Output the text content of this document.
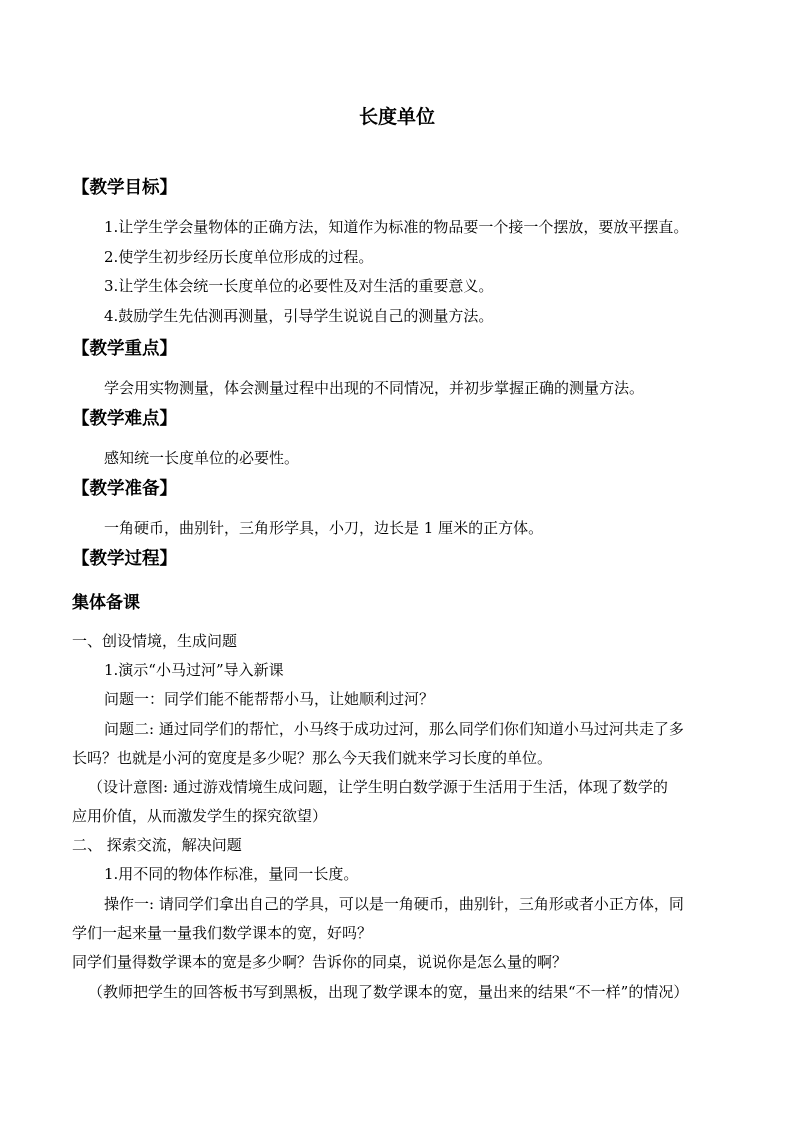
长度单位
【教学目标】
1.让学生学会量物体的正确方法，知道作为标准的物品要一个接一个摆放，要放平摆直。
2.使学生初步经历长度单位形成的过程。
3.让学生体会统一长度单位的必要性及对生活的重要意义。
4.鼓励学生先估测再测量，引导学生说说自己的测量方法。
【教学重点】
学会用实物测量，体会测量过程中出现的不同情况，并初步掌握正确的测量方法。
【教学难点】
感知统一长度单位的必要性。
【教学准备】
一角硬币，曲别针，三角形学具，小刀，边长是 1 厘米的正方体。
【教学过程】
集体备课
一、创设情境，生成问题
1.演示“小马过河”导入新课
问题一：同学们能不能帮帮小马，让她顺利过河？
问题二: 通过同学们的帮忙，小马终于成功过河，那么同学们你们知道小马过河共走了多
长吗？也就是小河的宽度是多少呢？那么今天我们就来学习长度的单位。
（设计意图: 通过游戏情境生成问题，让学生明白数学源于生活用于生活，体现了数学的
应用价值，从而激发学生的探究欲望）
二、 探索交流，解决问题
1.用不同的物体作标准，量同一长度。
操作一: 请同学们拿出自己的学具，可以是一角硬币，曲别针，三角形或者小正方体，同
学们一起来量一量我们数学课本的宽，好吗？
同学们量得数学课本的宽是多少啊？告诉你的同桌，说说你是怎么量的啊？
（教师把学生的回答板书写到黑板，出现了数学课本的宽，量出来的结果“不一样”的情况）
